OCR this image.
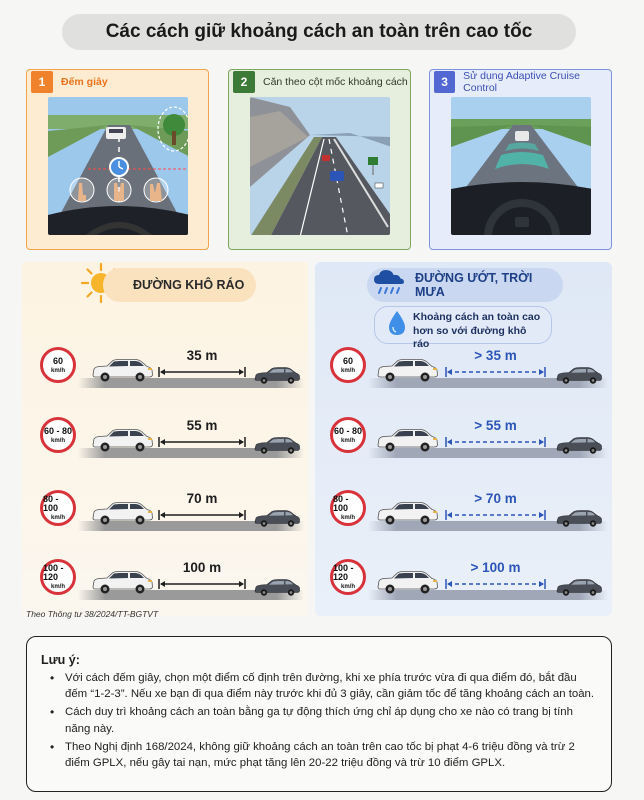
Các cách giữ khoảng cách an toàn trên cao tốc
1	Đếm giây	2	Căn theo cột mốc khoảng cách	3	Sử dụng Adaptive Cruise Control
ĐƯỜNG KHÔ RÁO	ĐƯỜNG ƯỚT, TRỜI MƯA
Khoảng cách an toàn cao
hơn so với đường khô ráo
60
km/h
35 m
60 - 80
km/h
55 m
80 - 100
km/h
70 m
100 - 120
km/h
100 m
60
km/h
> 35 m
60 - 80
km/h
> 55 m
80 - 100
km/h
> 70 m
100 - 120
km/h
> 100 m
Theo Thông tư 38/2024/TT-BGTVT
Lưu ý:
• Với cách đếm giây, chọn một điểm cố định trên đường, khi xe phía trước vừa đi qua điểm đó, bắt đầu đếm “1-2-3”. Nếu xe bạn đi qua điểm này trước khi đủ 3 giây, cần giảm tốc để tăng khoảng cách an toàn.
• Cách duy trì khoảng cách an toàn bằng ga tự động thích ứng chỉ áp dụng cho xe nào có trang bị tính năng này.
• Theo Nghị định 168/2024, không giữ khoảng cách an toàn trên cao tốc bị phạt 4-6 triệu đồng và trừ 2 điểm GPLX, nếu gây tai nạn, mức phạt tăng lên 20-22 triệu đồng và trừ 10 điểm GPLX.
